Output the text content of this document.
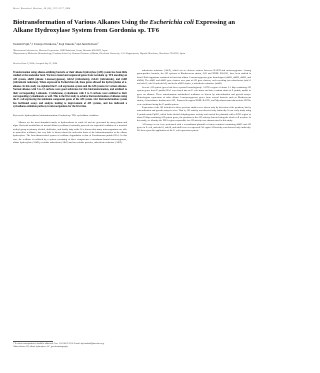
Biosci. Biotechnol. Biochem., 68 (10), 2172–2177, 2004
Biotransformation of Various Alkanes Using the Escherichia coli Expressing an Alkane Hydroxylase System from Gordonia sp. TF6
Tadashi Fujii,¹,† Tatsuya Narikawa,² Koji Takeda,¹ and Junichi Kato²
¹Bioresource Laboratories, Mercian Corporation, 1808 Nakaizumi, Iwata, Shizuoka 438-0078, Japan
²Department of Molecular Biotechnology, Graduate School of Advanced Sciences of Matter, Hiroshima University, 1-3-1 Kagamiyama, Higashi-Hiroshima, Hiroshima 739-8530, Japan
Received June 9, 2004; Accepted July 22, 2004
Transformation using alkane-oxidizing bacteria or their alkane hydroxylase (AH) system has been little studied at the molecular level. We have cloned and sequenced genes from Gordonia sp. TF6 encoding an AH system, alkB2 (alkane 1-monooxygenase), rubA3 (rubredoxin), rubA4 (rubredoxin), and rubB (rubredoxin reductase). When expressed in Escherichia coli, these genes allowed the hydroxylation of n-alkanes. In this study we exploited the E. coli expression system and the AH systems for various alkanes. Normal alkanes with 5 to 13 carbons were good substrates for this biotransformation, and oxidized to their corresponding 1-alkanols. Cyclohexane, cycloalkanes with 5 to 8 carbons were oxidized to their corresponding cycloalkanols as well. This is the first study to achieve biotransformation of alkanes using the E. coli expressing the minimum component genes of the AH system. Our biotransformation system has facilitated assays and analysis leading to improvement of AH systems, and has indicated a cycloalkane-oxidation pathway in microorganisms for the first time.
Key words: hydroxylation; biotransformation; Gordonia sp. TF6; cycloalkane oxidation
Alkanes are the most abundant family of hydrocarbons in crude oil and are generated by many plants and algae. Bacterial metabolism of normal alkanes (n-alkanes) normally proceeds via sequential oxidation of a terminal methyl group to primary alcohol, aldehydes, and finally fatty acids. It is known that many microorganisms are able to mineralize n-alkanes, but very little is known about the molecular basis of the biotransformation of the alkane hydroxylase. The best-characterized system of n-alkane degradation is that of Pseudomonas putida GPo1. In this case, the n-alkane is oxidized by a system consisting of three components: a membrane-bound monooxygenase, alkane hydroxylase (AlkB), a soluble rubredoxin (AlkG) and two soluble proteins, rubredoxin reductase (AlkT).
mbredoxin reductase (AlkT), which act as electron carriers between NADH and monooxygenase. Among gram-positive bacteria, the AH systems of Rhodococcus strains, Q15 and NRRL B-16531, have been studied in detail. Both organisms contained at least four alkane 1-monooxygenase gene homologues (alkB1, alkB2, alkB3, and alkB4). The alkB1 and alkB2 gene clusters were part of AH gene clusters, each encoding two rubredoxins (rubA1 and rubA2, rubA3 and rubA4), and in the alkB1 cluster, a rubredoxin reductase (rubB).
Several AH system genes had been reported homologously. A DNA region of about 5.5 kbp containing AH system genes from P. putida GPo1 was cloned into an E. coli strain and into a mutant strain of P. putida, unable to grow on alkanes. These transformants metabolized n-alkanes as shown by mineralization and growth assays. Heterologous expression of other alkane 1-monooxygenase genes from several bacteria such as Rhodococcus strains, Acinetobacter borbonensis AP1, Prauserella rugosa NRRL B-2295, and Mycobacterium tuberculosis H37Rv were confirmed using the P. putida system.
Expression of the AH activities in these previous studies were shown only by detection of the products, but by mineralization and growth assays in vivo. That is, AH activity was detected only indirectly. In our early study using P. putida strain PpS81, which lacks alcohol dehydrogenase activity and carried the plasmids with a DNA region of about 29 kbp containing AH system genes, the products of the AH activity detected using the whole-cell reaction. In this study, we identify the DNA region responsible for AH activity was characterized in this study.
AH assays so far were performed with a recombinant plasmid or fusion construct containing alkB2 and AH genes in E. coli, and rubA3, rubA4, and rubB were co-expressed. We again AH activity was detected only indirectly. We then report the application of the E. coli expression system.
† To whom correspondence should be addressed. Fax: +81-538-37-2110; E-mail: fujii-tadashi@mercian.co.jp
Abbreviations: AH, alkane hydroxylase; GC, gas chromatography
